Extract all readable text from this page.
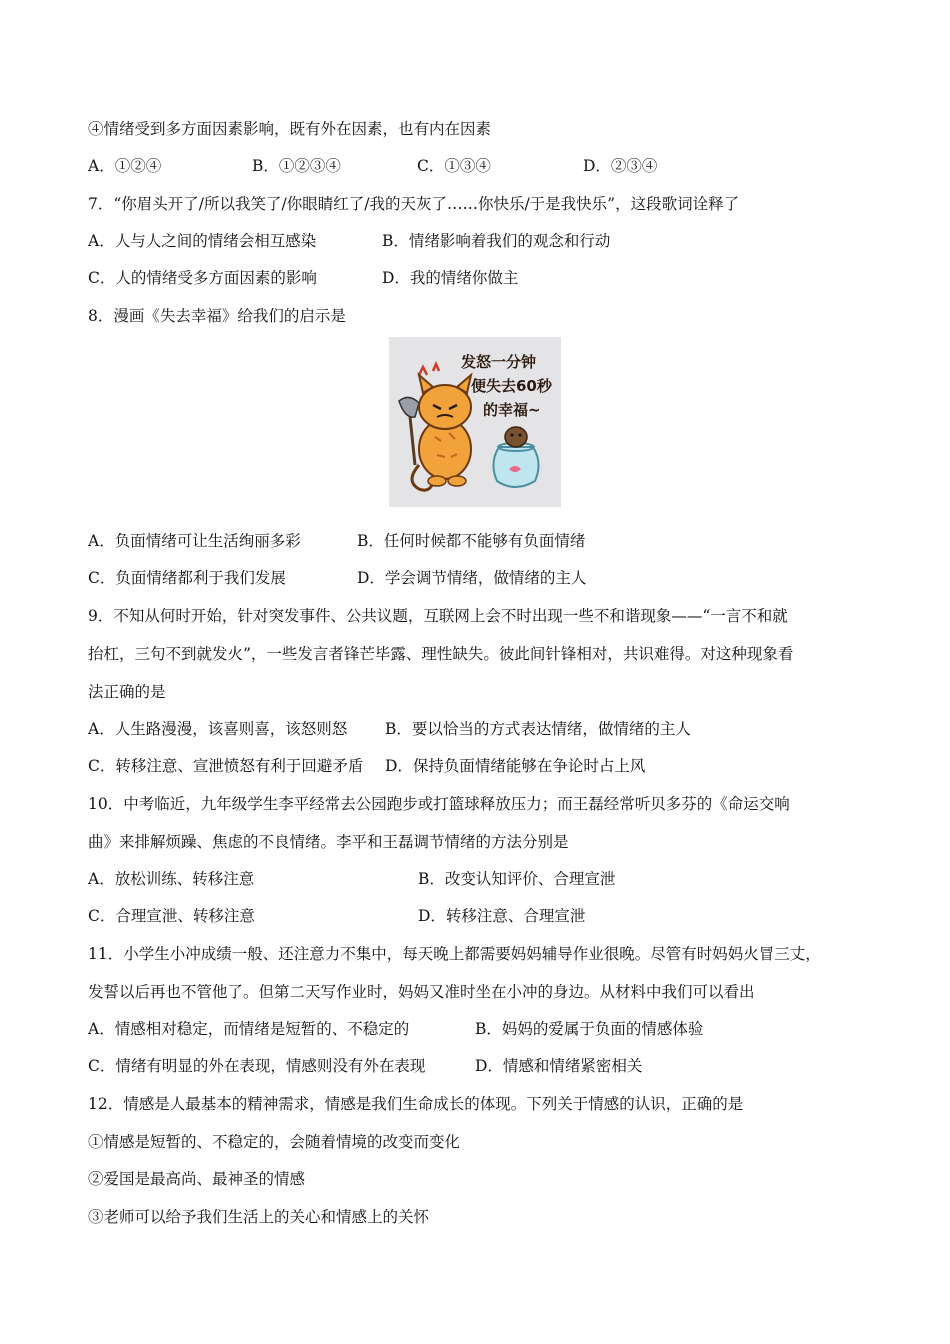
④情绪受到多方面因素影响，既有外在因素，也有内在因素
A．①②④	B．①②③④	C．①③④	D．②③④
7．“你眉头开了/所以我笑了/你眼睛红了/我的天灰了……你快乐/于是我快乐”，这段歌词诠释了
A．人与人之间的情绪会相互感染	B．情绪影响着我们的观念和行动
C．人的情绪受多方面因素的影响	D．我的情绪你做主
8．漫画《失去幸福》给我们的启示是
发怒一分钟
便失去60秒
的幸福~
A．负面情绪可让生活绚丽多彩	B．任何时候都不能够有负面情绪
C．负面情绪都利于我们发展	D．学会调节情绪，做情绪的主人
9．不知从何时开始，针对突发事件、公共议题，互联网上会不时出现一些不和谐现象——“一言不和就
抬杠，三句不到就发火”，一些发言者锋芒毕露、理性缺失。彼此间针锋相对，共识难得。对这种现象看
法正确的是
A．人生路漫漫，该喜则喜，该怒则怒 B．要以恰当的方式表达情绪，做情绪的主人
C．转移注意、宣泄愤怒有利于回避矛盾 D．保持负面情绪能够在争论时占上风
10．中考临近，九年级学生李平经常去公园跑步或打篮球释放压力；而王磊经常听贝多芬的《命运交响
曲》来排解烦躁、焦虑的不良情绪。李平和王磊调节情绪的方法分别是
A．放松训练、转移注意	B．改变认知评价、合理宣泄
C．合理宣泄、转移注意	D．转移注意、合理宣泄
11．小学生小冲成绩一般、还注意力不集中，每天晚上都需要妈妈辅导作业很晚。尽管有时妈妈火冒三丈，
发誓以后再也不管他了。但第二天写作业时，妈妈又准时坐在小冲的身边。从材料中我们可以看出
A．情感相对稳定，而情绪是短暂的、不稳定的	B．妈妈的爱属于负面的情感体验
C．情绪有明显的外在表现，情感则没有外在表现	D．情感和情绪紧密相关
12．情感是人最基本的精神需求，情感是我们生命成长的体现。下列关于情感的认识，正确的是
①情感是短暂的、不稳定的，会随着情境的改变而变化
②爱国是最高尚、最神圣的情感
③老师可以给予我们生活上的关心和情感上的关怀
